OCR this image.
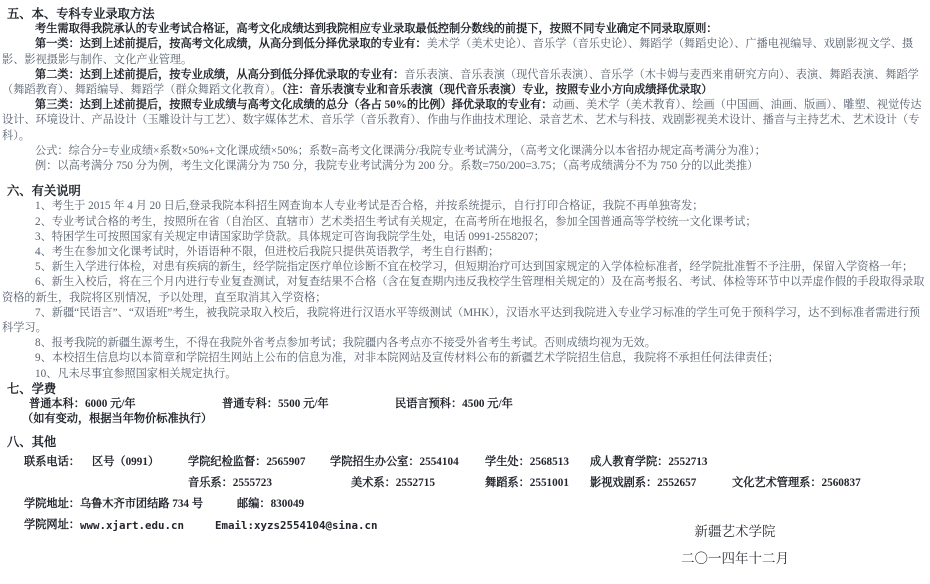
五、本、专科专业录取方法

考生需取得我院承认的专业考试合格证，高考文化成绩达到我院相应专业录取最低控制分数线的前提下，按照不同专业确定不同录取原则：

第一类：达到上述前提后，按高考文化成绩，从高分到低分择优录取的专业有：美术学（美术史论）、音乐学（音乐史论）、舞蹈学（舞蹈史论）、广播电视编导、戏剧影视文学、摄影、影视摄影与制作、文化产业管理。

第二类：达到上述前提后，按专业成绩，从高分到低分择优录取的专业有：音乐表演、音乐表演（现代音乐表演）、音乐学（木卡姆与麦西来甫研究方向）、表演、舞蹈表演、舞蹈学（舞蹈教育）、舞蹈编导、舞蹈学（群众舞蹈文化教育）。（注：音乐表演专业和音乐表演（现代音乐表演）专业，按照专业小方向成绩择优录取）

第三类：达到上述前提后，按照专业成绩与高考文化成绩的总分（各占 50%的比例）择优录取的专业有：动画、美术学（美术教育）、绘画（中国画、油画、版画）、雕塑、视觉传达设计、环境设计、产品设计（玉雕设计与工艺）、数字媒体艺术、音乐学（音乐教育）、作曲与作曲技术理论、录音艺术、艺术与科技、戏剧影视美术设计、播音与主持艺术、艺术设计（专科）。

公式：综合分=专业成绩×系数×50%+文化课成绩×50%；系数=高考文化课满分/我院专业考试满分，（高考文化课满分以本省招办规定高考满分为准）；

例：以高考满分 750 分为例，考生文化课满分为 750 分，我院专业考试满分为 200 分。系数=750/200=3.75；（高考成绩满分不为 750 分的以此类推）

六、有关说明

1、考生于 2015 年 4 月 20 日后,登录我院本科招生网查询本人专业考试是否合格，并按系统提示，自行打印合格证，我院不再单独寄发；

2、专业考试合格的考生，按照所在省（自治区、直辖市）艺术类招生考试有关规定，在高考所在地报名，参加全国普通高等学校统一文化课考试；

3、特困学生可按照国家有关规定申请国家助学贷款。具体规定可咨询我院学生处，电话 0991-2558207；

4、考生在参加文化课考试时，外语语种不限，但进校后我院只提供英语教学，考生自行斟酌；

5、新生入学进行体检，对患有疾病的新生，经学院指定医疗单位诊断不宜在校学习，但短期治疗可达到国家规定的入学体检标准者，经学院批准暂不予注册，保留入学资格一年；

6、新生入校后，将在三个月内进行专业复查测试，对复查结果不合格（含在复查期内违反我校学生管理相关规定的）及在高考报名、考试、体检等环节中以弄虚作假的手段取得录取资格的新生，我院将区别情况，予以处理，直至取消其入学资格；

7、新疆“民语言”、“双语班”考生，被我院录取入校后，我院将进行汉语水平等级测试（MHK），汉语水平达到我院进入专业学习标准的学生可免于预科学习，达不到标准者需进行预科学习。

8、报考我院的新疆生源考生，不得在我院外省考点参加考试；我院疆内各考点亦不接受外省考生考试。否则成绩均视为无效。

9、本校招生信息均以本简章和学院招生网站上公布的信息为准，对非本院网站及宣传材料公布的新疆艺术学院招生信息，我院将不承担任何法律责任；

10、凡未尽事宜参照国家相关规定执行。

七、学费
普通本科：6000 元/年	普通专科：5500 元/年	民语言预科：4500 元/年

（如有变动，根据当年物价标准执行）

八、其他
联系电话： 区号（0991）	学院纪检监督：2565907 学院招生办公室：2554104 学生处：2568513 成人教育学院：2552713
音乐系：2555723	美术系：2552715	舞蹈系：2551001 影视戏剧系：2552657	文化艺术管理系：2560837
学院地址：乌鲁木齐市团结路 734 号	邮编：830049
学院网址： www.xjart.edu.cn	Email:xyzs2554104@sina.cn	新疆艺术学院
二〇一四年十二月
